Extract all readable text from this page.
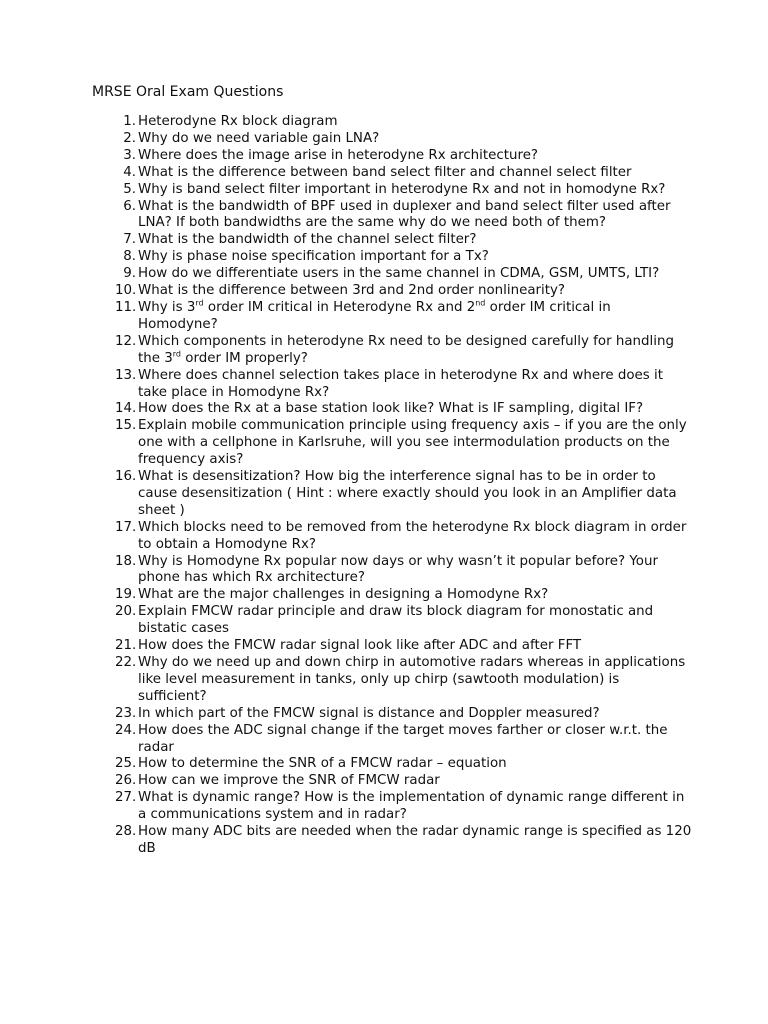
MRSE Oral Exam Questions
1. Heterodyne Rx block diagram
2. Why do we need variable gain LNA?
3. Where does the image arise in heterodyne Rx architecture?
4. What is the difference between band select filter and channel select filter
5. Why is band select filter important in heterodyne Rx and not in homodyne Rx?
6. What is the bandwidth of BPF used in duplexer and band select filter used after LNA? If both bandwidths are the same why do we need both of them?
7. What is the bandwidth of the channel select filter?
8. Why is phase noise specification important for a Tx?
9. How do we differentiate users in the same channel in CDMA, GSM, UMTS, LTI?
10. What is the difference between 3rd and 2nd order nonlinearity?
11. Why is 3rd order IM critical in Heterodyne Rx and 2nd order IM critical in Homodyne?
12. Which components in heterodyne Rx need to be designed carefully for handling the 3rd order IM properly?
13. Where does channel selection takes place in heterodyne Rx and where does it take place in Homodyne Rx?
14. How does the Rx at a base station look like? What is IF sampling, digital IF?
15. Explain mobile communication principle using frequency axis – if you are the only one with a cellphone in Karlsruhe, will you see intermodulation products on the frequency axis?
16. What is desensitization? How big the interference signal has to be in order to cause desensitization ( Hint : where exactly should you look in an Amplifier data sheet )
17. Which blocks need to be removed from the heterodyne Rx block diagram in order to obtain a Homodyne Rx?
18. Why is Homodyne Rx popular now days or why wasn’t it popular before? Your phone has which Rx architecture?
19. What are the major challenges in designing a Homodyne Rx?
20. Explain FMCW radar principle and draw its block diagram for monostatic and bistatic cases
21. How does the FMCW radar signal look like after ADC and after FFT
22. Why do we need up and down chirp in automotive radars whereas in applications like level measurement in tanks, only up chirp (sawtooth modulation) is sufficient?
23. In which part of the FMCW signal is distance and Doppler measured?
24. How does the ADC signal change if the target moves farther or closer w.r.t. the radar
25. How to determine the SNR of a FMCW radar – equation
26. How can we improve the SNR of FMCW radar
27. What is dynamic range? How is the implementation of dynamic range different in a communications system and in radar?
28. How many ADC bits are needed when the radar dynamic range is specified as 120 dB
